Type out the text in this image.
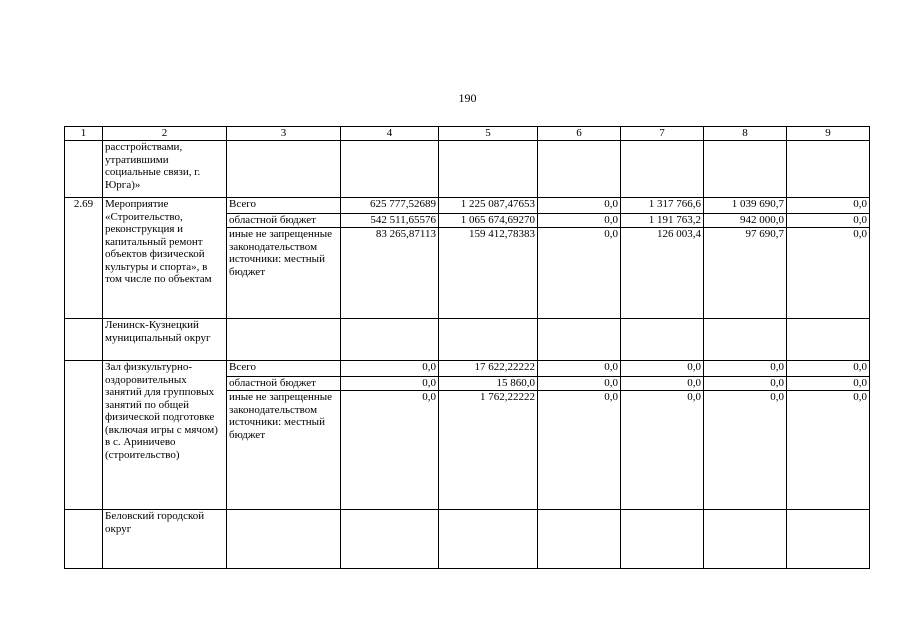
190
1	2	3	4	5	6	7	8	9
	расстройствами, утратившими социальные связи, г. Юрга)»							
2.69	Мероприятие «Строительство, реконструкция и капитальный ремонт объектов физической культуры и спорта», в том числе по объектам	Всего	625 777,52689	1 225 087,47653	0,0	1 317 766,6	1 039 690,7	0,0
		областной бюджет	542 511,65576	1 065 674,69270	0,0	1 191 763,2	942 000,0	0,0
		иные не запрещенные законодательством источники: местный бюджет	83 265,87113	159 412,78383	0,0	126 003,4	97 690,7	0,0
	Ленинск-Кузнецкий муниципальный округ							
	Зал физкультурно-оздоровительных занятий для групповых занятий по общей физической подготовке (включая игры с мячом) в с. Ариничево (строительство)	Всего	0,0	17 622,22222	0,0	0,0	0,0	0,0
		областной бюджет	0,0	15 860,0	0,0	0,0	0,0	0,0
		иные не запрещенные законодательством источники: местный бюджет	0,0	1 762,22222	0,0	0,0	0,0	0,0
	Беловский городской округ							
